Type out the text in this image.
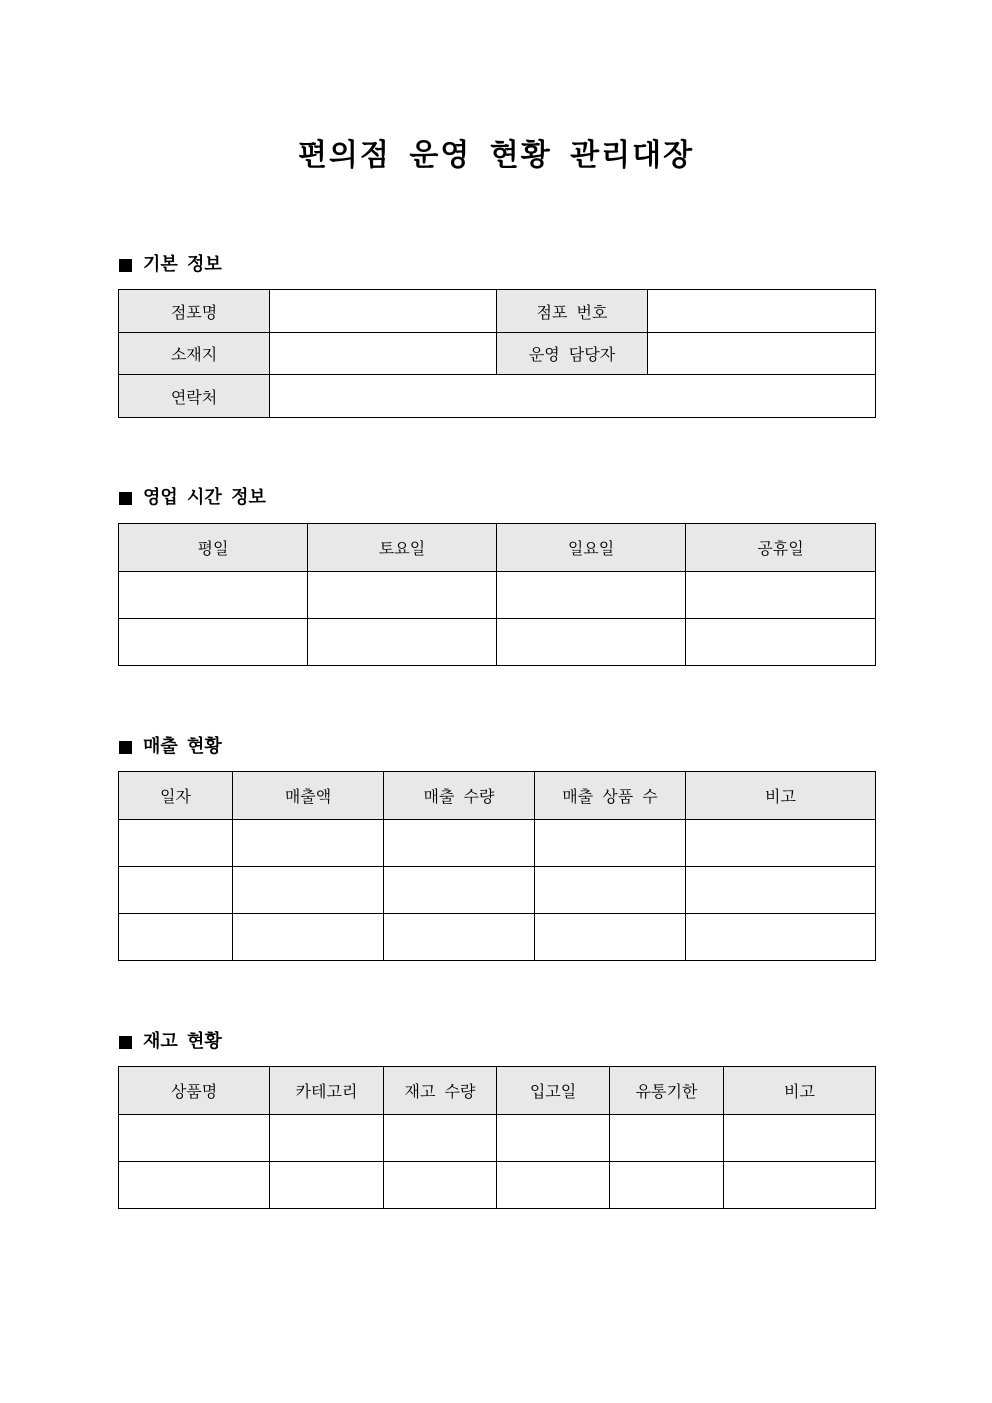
편의점 운영 현황 관리대장
기본 정보
점포명		점포 번호	
소재지		운영 담당자	
연락처			
영업 시간 정보
평일	토요일	일요일	공휴일

매출 현황
일자	매출액	매출 수량	매출 상품 수	비고

재고 현황
상품명	카테고리	재고 수량	입고일	유통기한	비고
